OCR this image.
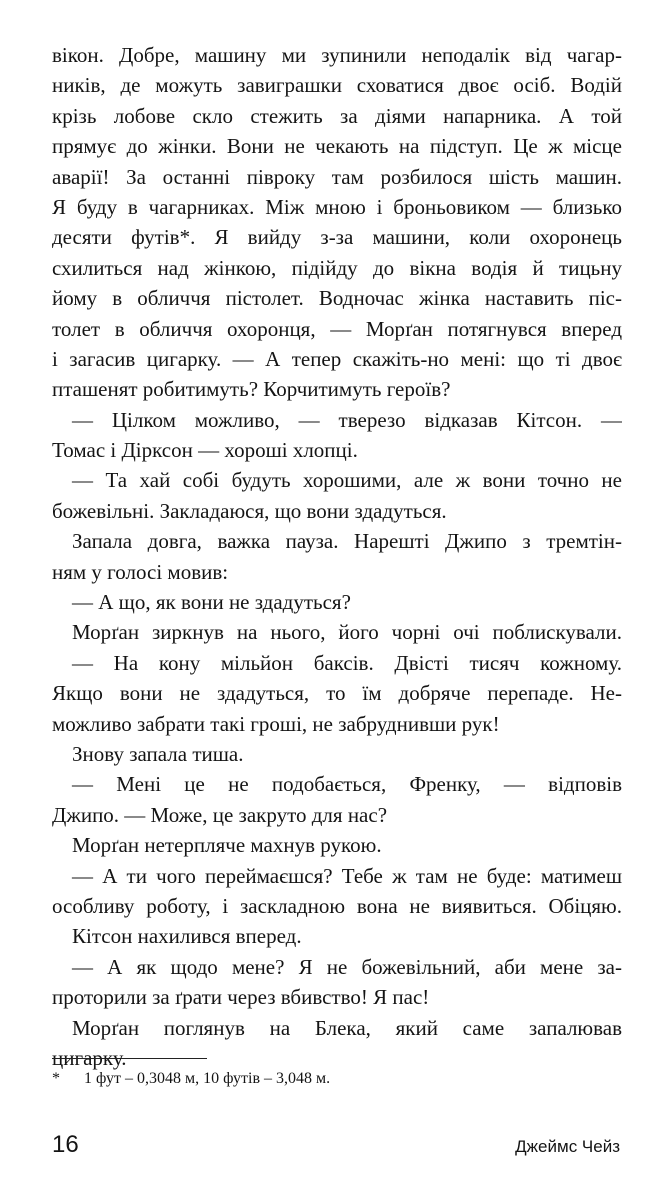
вікон. Добре, машину ми зупинили неподалік від чагар-
ників, де можуть завиграшки сховатися двоє осіб. Водій
крізь лобове скло стежить за діями напарника. А той
прямує до жінки. Вони не чекають на підступ. Це ж місце
аварії! За останні півроку там розбилося шість машин.
Я буду в чагарниках. Між мною і броньовиком — близько
десяти футів*. Я вийду з-за машини, коли охоронець
схилиться над жінкою, підійду до вікна водія й тицьну
йому в обличчя пістолет. Водночас жінка наставить піс-
толет в обличчя охоронця, — Морґан потягнувся вперед
і загасив цигарку. — А тепер скажіть-но мені: що ті двоє
пташенят робитимуть? Корчитимуть героїв?
— Цілком можливо, — тверезо відказав Кітсон. —
Томас і Дірксон — хороші хлопці.
— Та хай собі будуть хорошими, але ж вони точно не
божевільні. Закладаюся, що вони здадуться.
Запала довга, важка пауза. Нарешті Джипо з тремтін-
ням у голосі мовив:
— А що, як вони не здадуться?
Морґан зиркнув на нього, його чорні очі поблискували.
— На кону мільйон баксів. Двісті тисяч кожному.
Якщо вони не здадуться, то їм добряче перепаде. Не-
можливо забрати такі гроші, не забруднивши рук!
Знову запала тиша.
— Мені це не подобається, Френку, — відповів
Джипо. — Може, це закруто для нас?
Морґан нетерпляче махнув рукою.
— А ти чого переймаєшся? Тебе ж там не буде: матимеш
особливу роботу, і заскладною вона не виявиться. Обіцяю.
Кітсон нахилився вперед.
— А як щодо мене? Я не божевільний, аби мене за-
проторили за ґрати через вбивство! Я пас!
Морґан поглянув на Блека, який саме запалював
цигарку.
* 1 фут – 0,3048 м, 10 футів – 3,048 м.
16	Джеймс Чейз
